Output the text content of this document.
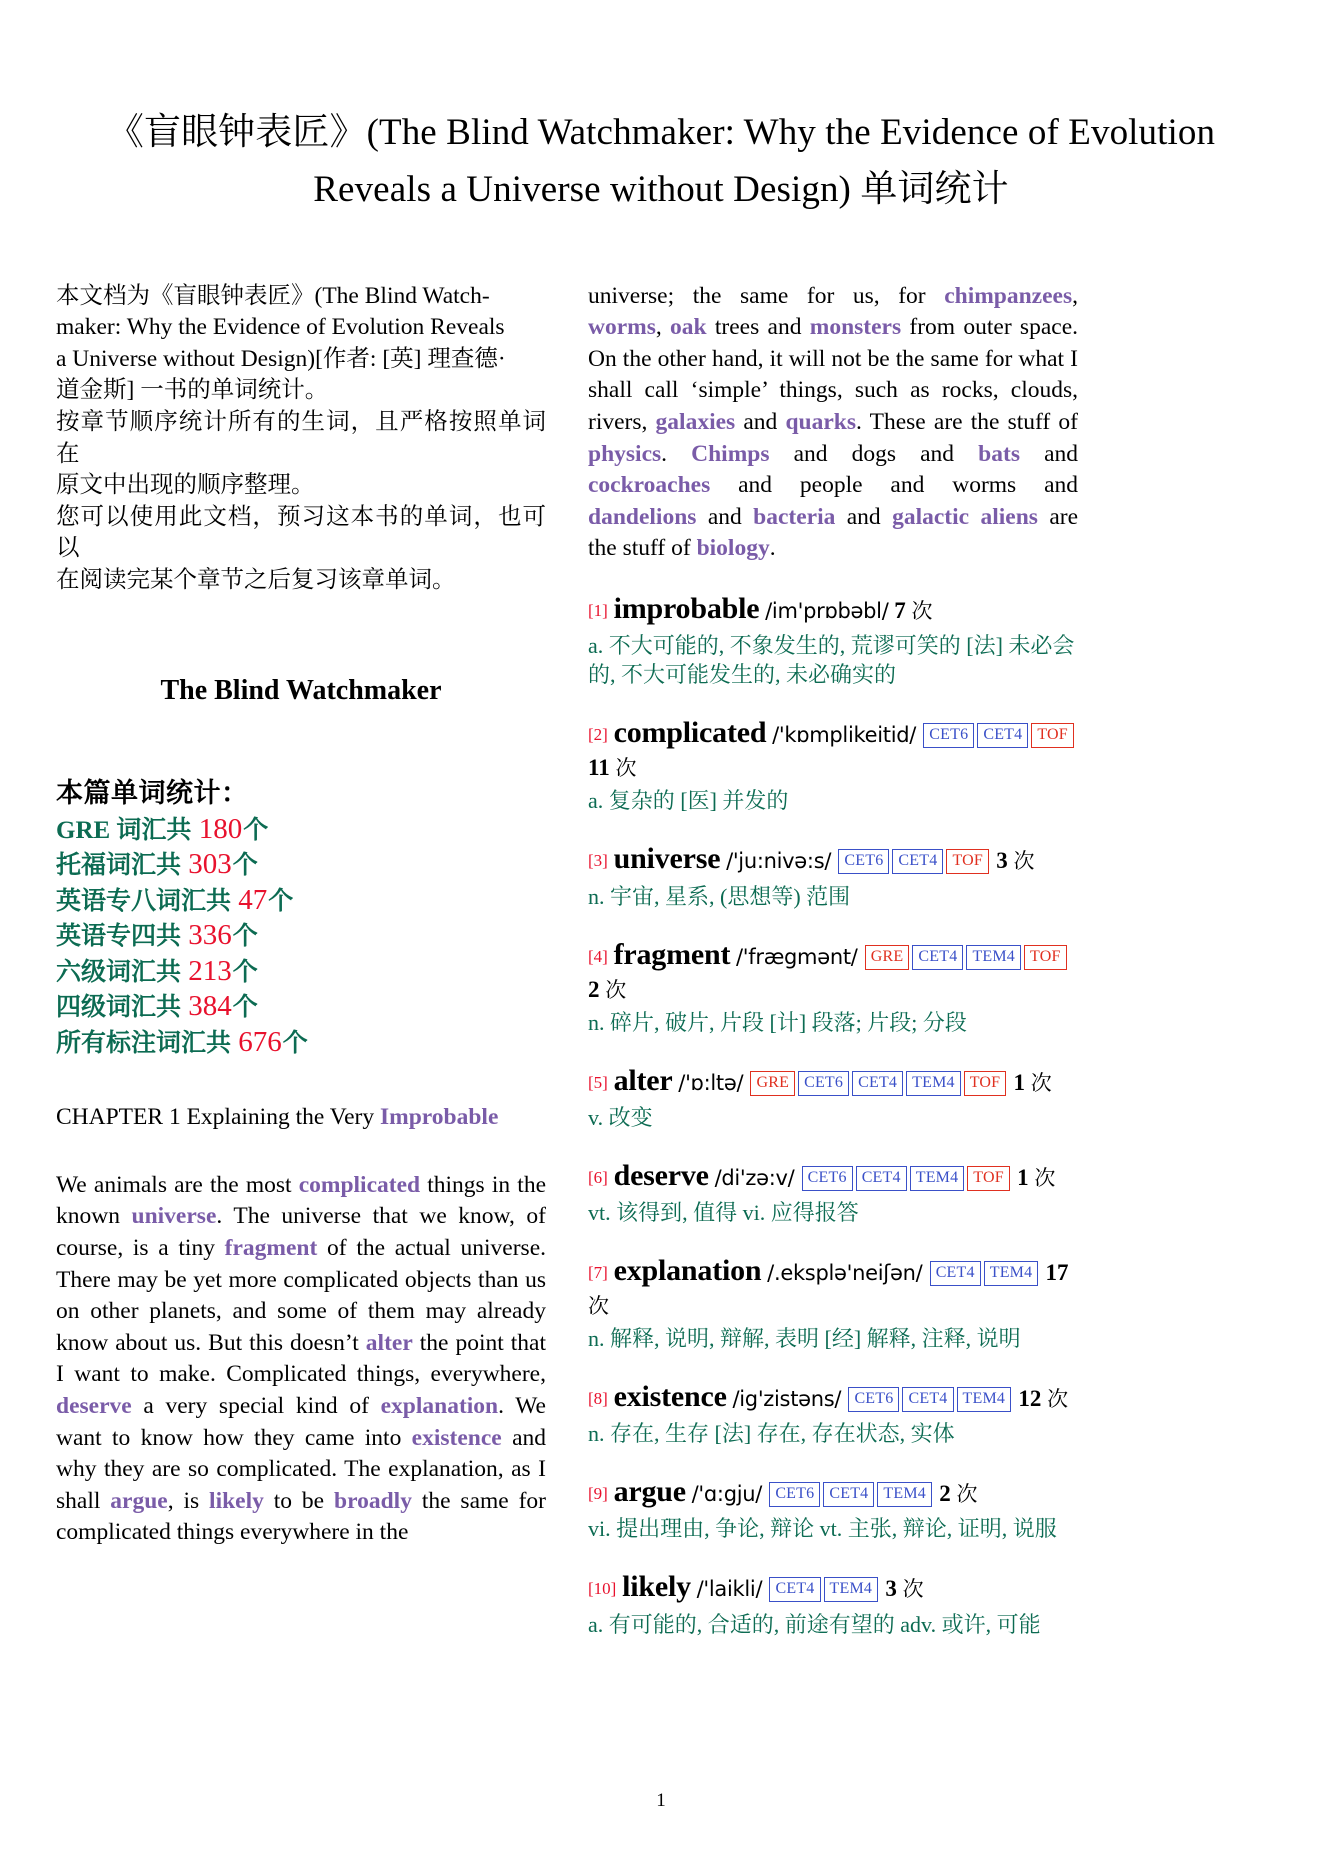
《盲眼钟表匠》(The Blind Watchmaker: Why the Evidence of Evolution Reveals a Universe without Design) 单词统计

本文档为《盲眼钟表匠》(The Blind Watch-
maker: Why the Evidence of Evolution Reveals
a Universe without Design)[作者: [英] 理查德·
道金斯] 一书的单词统计。
按章节顺序统计所有的生词，且严格按照单词在
原文中出现的顺序整理。
您可以使用此文档，预习这本书的单词，也可以
在阅读完某个章节之后复习该章单词。

The Blind Watchmaker
本篇单词统计：
GRE 词汇共 180个
托福词汇共 303个
英语专八词汇共 47个
英语专四共 336个
六级词汇共 213个
四级词汇共 384个
所有标注词汇共 676个

CHAPTER 1 Explaining the Very Improbable

We animals are the most complicated things in the known universe. The universe that we know, of course, is a tiny fragment of the actual universe. There may be yet more complicated objects than us on other planets, and some of them may already know about us. But this doesn’t alter the point that I want to make. Complicated things, everywhere, deserve a very special kind of explanation. We want to know how they came into existence and why they are so complicated. The explanation, as I shall argue, is likely to be broadly the same for complicated things everywhere in the

universe; the same for us, for chimpanzees, worms, oak trees and monsters from outer space. On the other hand, it will not be the same for what I shall call ‘simple’ things, such as rocks, clouds, rivers, galaxies and quarks. These are the stuff of physics. Chimps and dogs and bats and cockroaches and people and worms and dandelions and bacteria and galactic aliens are the stuff of biology.

[1] improbable /im'prɒbəbl/ 7 次
a. 不大可能的, 不象发生的, 荒谬可笑的 [法] 未必会的, 不大可能发生的, 未必确实的
[2] complicated /'kɒmplikeitid/ CET6 CET4 TOF 11 次
a. 复杂的 [医] 并发的
[3] universe /'ju:nivə:s/ CET6 CET4 TOF 3 次
n. 宇宙, 星系, (思想等) 范围
[4] fragment /'frægmənt/ GRE CET4 TEM4 TOF 2 次
n. 碎片, 破片, 片段 [计] 段落; 片段; 分段
[5] alter /'ɒ:ltə/ GRE CET6 CET4 TEM4 TOF 1 次
v. 改变
[6] deserve /di'zə:v/ CET6 CET4 TEM4 TOF 1 次
vt. 该得到, 值得 vi. 应得报答
[7] explanation /.eksplə'neiʃən/ CET4 TEM4 17 次
n. 解释, 说明, 辩解, 表明 [经] 解释, 注释, 说明
[8] existence /ig'zistəns/ CET6 CET4 TEM4 12 次
n. 存在, 生存 [法] 存在, 存在状态, 实体
[9] argue /'ɑ:gju/ CET6 CET4 TEM4 2 次
vi. 提出理由, 争论, 辩论 vt. 主张, 辩论, 证明, 说服
[10] likely /'laikli/ CET4 TEM4 3 次
a. 有可能的, 合适的, 前途有望的 adv. 或许, 可能
1
